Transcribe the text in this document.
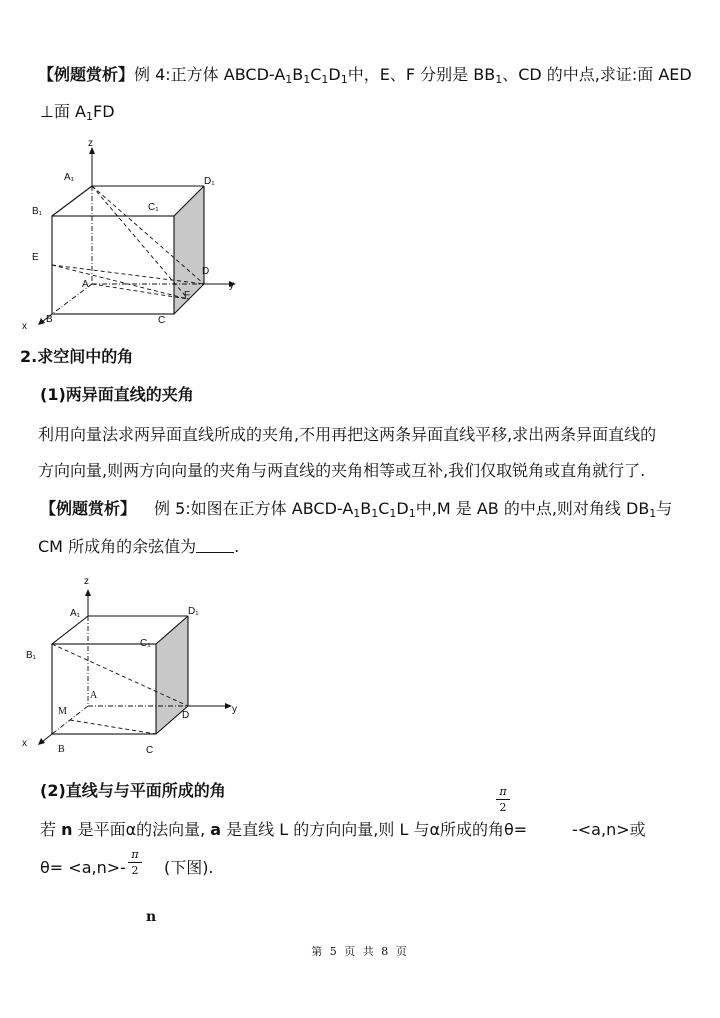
【例题赏析】例 4:正方体 ABCD-$A_1B_1C_1D_1$中，E、F 分别是 $BB_1$、CD 的中点,求证:面 AED
⊥面 $A_1FD$
z
y
x
A₁	D₁
B₁	C₁
E
A
D
F
B	C
2.求空间中的角
(1)两异面直线的夹角
利用向量法求两异面直线所成的夹角,不用再把这两条异面直线平移,求出两条异面直线的
方向向量,则两方向向量的夹角与两直线的夹角相等或互补,我们仅取锐角或直角就行了.
【例题赏析】 例 5:如图在正方体 ABCD-$A_1B_1C_1D_1$中,M 是 AB 的中点,则对角线 $DB_1$与
CM 所成角的余弦值为 .
z
y
x
A₁	D₁
B₁
C₁
M
A
D
B	C
(2)直线与与平面所成的角	π
2
若 n 是平面α的法向量, a 是直线 L 的方向向量,则 L 与α所成的角θ=	-<a,n>或
θ= <a,n>-
π
2 (下图).
n
第 5 页 共 8 页
